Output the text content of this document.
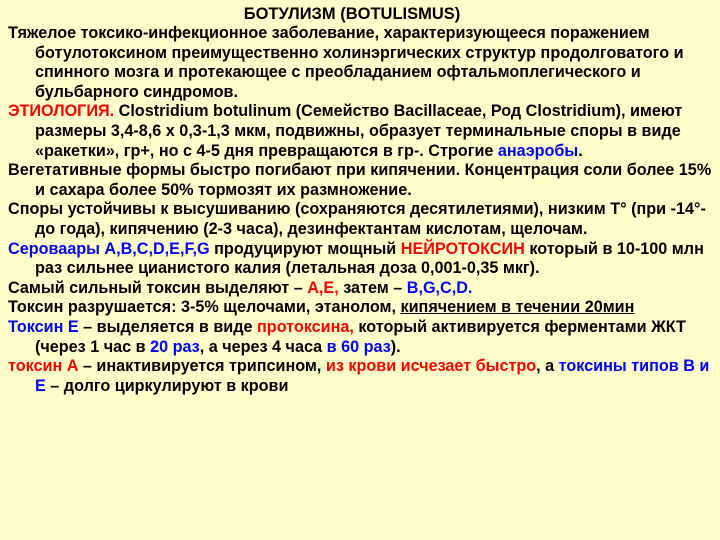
БОТУЛИЗМ (BOTULISMUS)

Тяжелое токсико-инфекционное заболевание, характеризующееся поражением ботулотоксином преимущественно холинэргических структур продолговатого и спинного мозга и протекающее с преобладанием офтальмоплегического и бульбарного синдромов.

ЭТИОЛОГИЯ. Clostridium botulinum (Семейство Bacillaceae, Род Clostridium), имеют размеры 3,4-8,6 х 0,3-1,3 мкм, подвижны, образует терминальные споры в виде «ракетки», гр+, но с 4-5 дня превращаются в гр-. Строгие анаэробы.

Вегетативные формы быстро погибают при кипячении. Концентрация соли более 15% и сахара более 50% тормозят их размножение.

Споры устойчивы к высушиванию (сохраняются десятилетиями), низким Т° (при -14°- до года), кипячению (2-3 часа), дезинфектантам кислотам, щелочам.

Сероваары A,B,C,D,E,F,G продуцируют мощный НЕЙРОТОКСИН который в 10-100 млн раз сильнее цианистого калия (летальная доза 0,001-0,35 мкг).

Самый сильный токсин выделяют – A,E, затем – B,G,C,D.

Токсин разрушается: 3-5% щелочами, этанолом, кипячением в течении 20мин

Токсин Е – выделяется в виде протоксина, который активируется ферментами ЖКТ (через 1 час в 20 раз, а через 4 часа в 60 раз).

токсин А – инактивируется трипсином, из крови исчезает быстро, а токсины типов В и Е – долго циркулируют в крови
